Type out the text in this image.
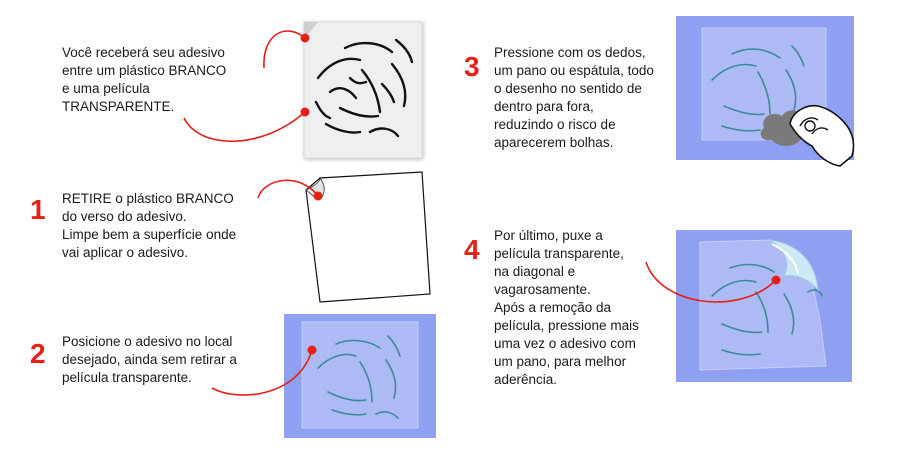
Você receberá seu adesivo
entre um plástico BRANCO
e uma película
TRANSPARENTE.
1 RETIRE o plástico BRANCO
do verso do adesivo.
Limpe bem a superfície onde
vai aplicar o adesivo.
2 Posicione o adesivo no local
desejado, ainda sem retirar a
película transparente.
3 Pressione com os dedos,
um pano ou espátula, todo
o desenho no sentido de
dentro para fora,
reduzindo o risco de
aparecerem bolhas.
4 Por último, puxe a
película transparente,
na diagonal e
vagarosamente.
Após a remoção da
película, pressione mais
uma vez o adesivo com
um pano, para melhor
aderência.
